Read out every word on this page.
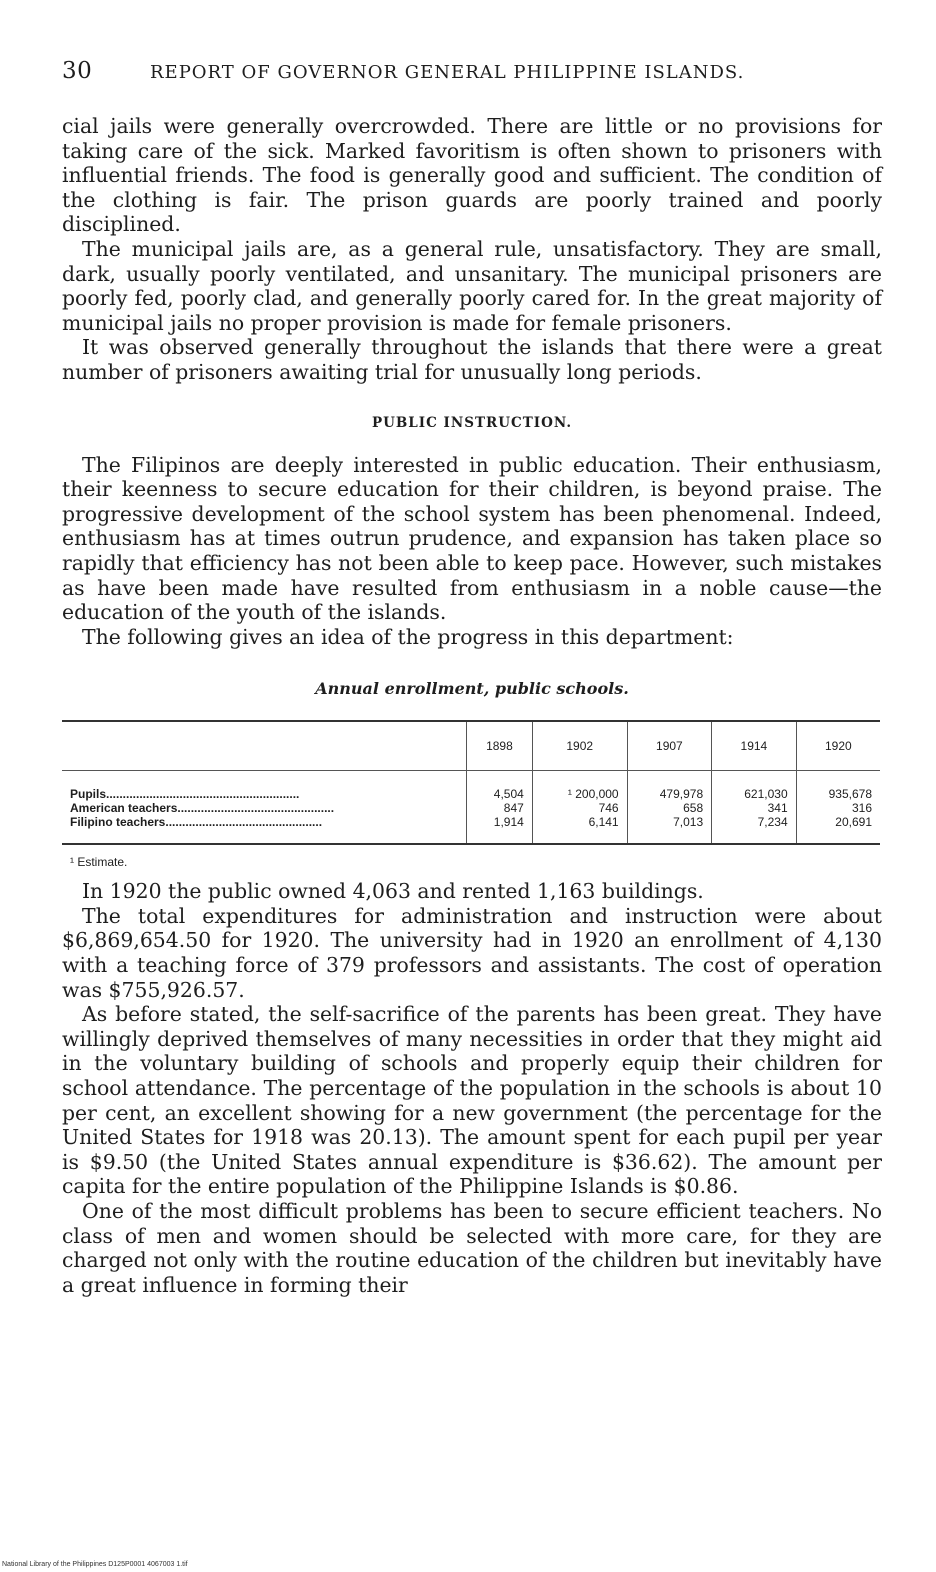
30	REPORT OF GOVERNOR GENERAL PHILIPPINE ISLANDS.

cial jails were generally overcrowded. There are little or no provisions for taking care of the sick. Marked favoritism is often shown to prisoners with influential friends. The food is generally good and sufficient. The condition of the clothing is fair. The prison guards are poorly trained and poorly disciplined.

The municipal jails are, as a general rule, unsatisfactory. They are small, dark, usually poorly ventilated, and unsanitary. The municipal prisoners are poorly fed, poorly clad, and generally poorly cared for. In the great majority of municipal jails no proper provision is made for female prisoners.

It was observed generally throughout the islands that there were a great number of prisoners awaiting trial for unusually long periods.

PUBLIC INSTRUCTION.

The Filipinos are deeply interested in public education. Their enthusiasm, their keenness to secure education for their children, is beyond praise. The progressive development of the school system has been phenomenal. Indeed, enthusiasm has at times outrun prudence, and expansion has taken place so rapidly that efficiency has not been able to keep pace. However, such mistakes as have been made have resulted from enthusiasm in a noble cause—the education of the youth of the islands.

The following gives an idea of the progress in this department:

Annual enrollment, public schools.
	1898	1902	1907	1914	1920
Pupils..........................................................	4,504	¹ 200,000	479,978	621,030	935,678
American teachers...............................................	847	746	658	341	316
Filipino teachers...............................................	1,914	6,141	7,013	7,234	20,691
¹ Estimate.

In 1920 the public owned 4,063 and rented 1,163 buildings.

The total expenditures for administration and instruction were about $6,869,654.50 for 1920. The university had in 1920 an enrollment of 4,130 with a teaching force of 379 professors and assistants. The cost of operation was $755,926.57.

As before stated, the self-sacrifice of the parents has been great. They have willingly deprived themselves of many necessities in order that they might aid in the voluntary building of schools and properly equip their children for school attendance. The percentage of the population in the schools is about 10 per cent, an excellent showing for a new government (the percentage for the United States for 1918 was 20.13). The amount spent for each pupil per year is $9.50 (the United States annual expenditure is $36.62). The amount per capita for the entire population of the Philippine Islands is $0.86.

One of the most difficult problems has been to secure efficient teachers. No class of men and women should be selected with more care, for they are charged not only with the routine education of the children but inevitably have a great influence in forming their

National Library of the Philippines D125P0001 4067003 1.tif
